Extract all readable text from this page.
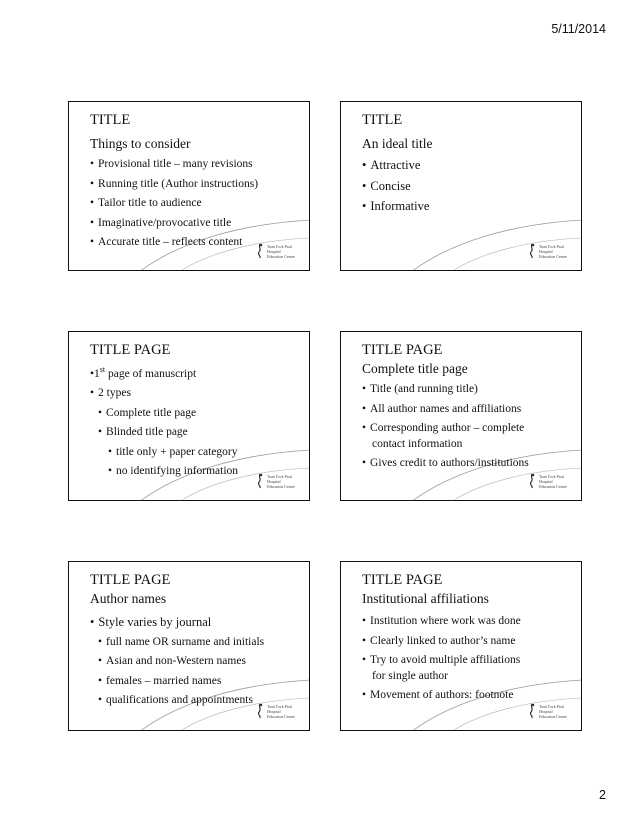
5/11/2014
TITLE
Things to consider
• Provisional title – many revisions
• Running title (Author instructions)
• Tailor title to audience
• Imaginative/provocative title
• Accurate title – reflects content	Taan Tock Paul
Hospital
Education Centre
TITLE
An ideal title
• Attractive
• Concise
• Informative
Taan Tock Paul
Hospital
Education Centre
TITLE PAGE
•1st page of manuscript
• 2 types
• Complete title page
• Blinded title page
• title only + paper category
• no identifying information	Taan Tock Paul
Hospital
Education Centre
TITLE PAGE
Complete title page
• Title (and running title)
• All author names and affiliations
• Corresponding author – complete
contact information
• Gives credit to authors/institutions
Taan Tock Paul
Hospital
Education Centre
TITLE PAGE
Author names
• Style varies by journal
• full name OR surname and initials
• Asian and non-Western names
• females – married names
• qualifications and appointments
Taan Tock Paul
Hospital
Education Centre
TITLE PAGE
Institutional affiliations
• Institution where work was done
• Clearly linked to author’s name
• Try to avoid multiple affiliations
for single author
• Movement of authors: footnote
Taan Tock Paul
Hospital
Education Centre
2
